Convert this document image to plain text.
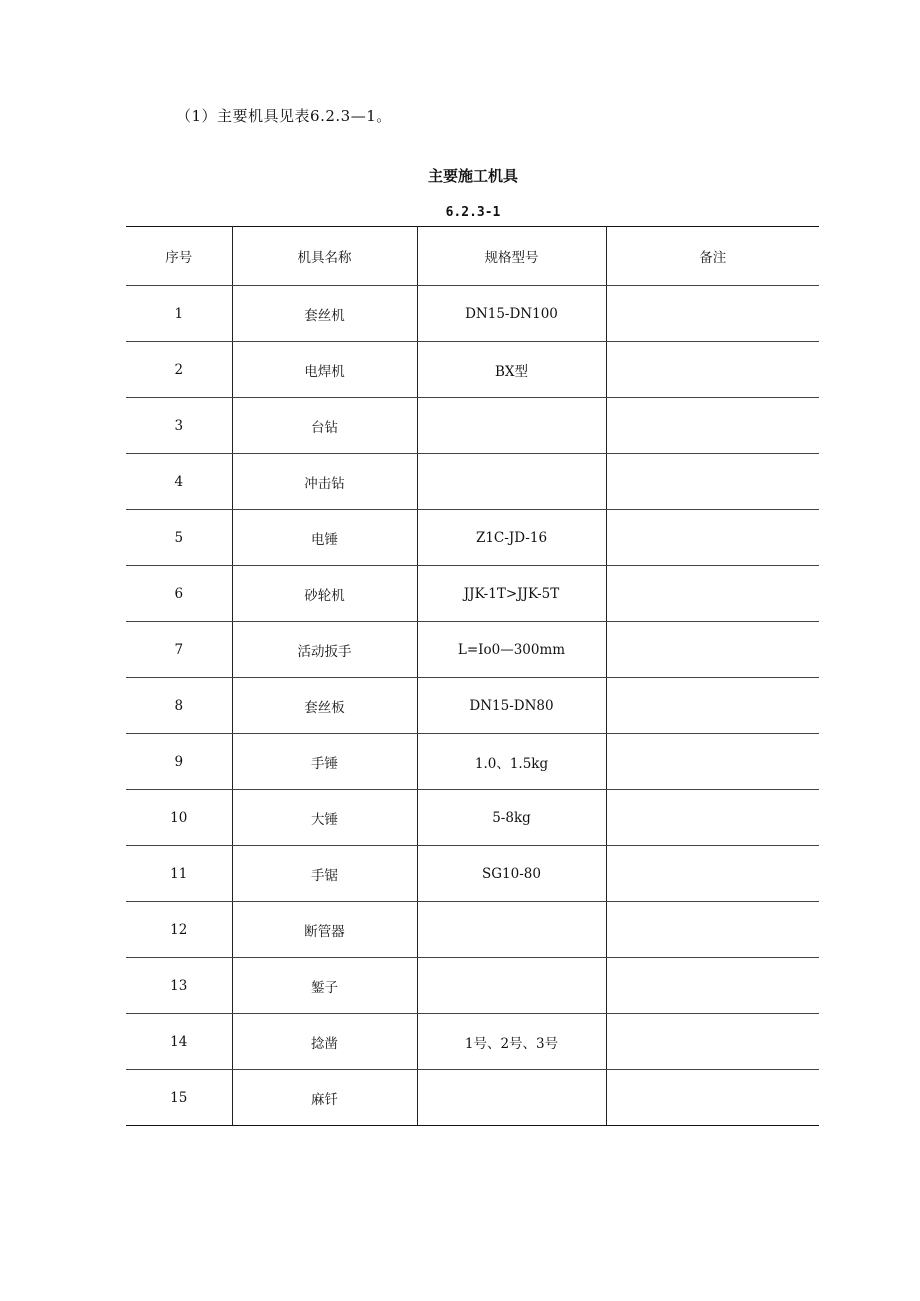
（1）主要机具见表6.2.3—1。
主要施工机具
6.2.3-1
序号	机具名称	规格型号	备注
1	套丝机	DN15-DN100	
2	电焊机	BX型	
3	台钻		
4	冲击钻		
5	电锤	Z1C-JD-16	
6	砂轮机	JJK-1T>JJK-5T	
7	活动扳手	L=Io0—300mm	
8	套丝板	DN15-DN80	
9	手锤	1.0、1.5kg	
10	大锤	5-8kg	
11	手锯	SG10-80	
12	断管器		
13	錾子		
14	捻凿	1号、2号、3号	
15	麻钎		
